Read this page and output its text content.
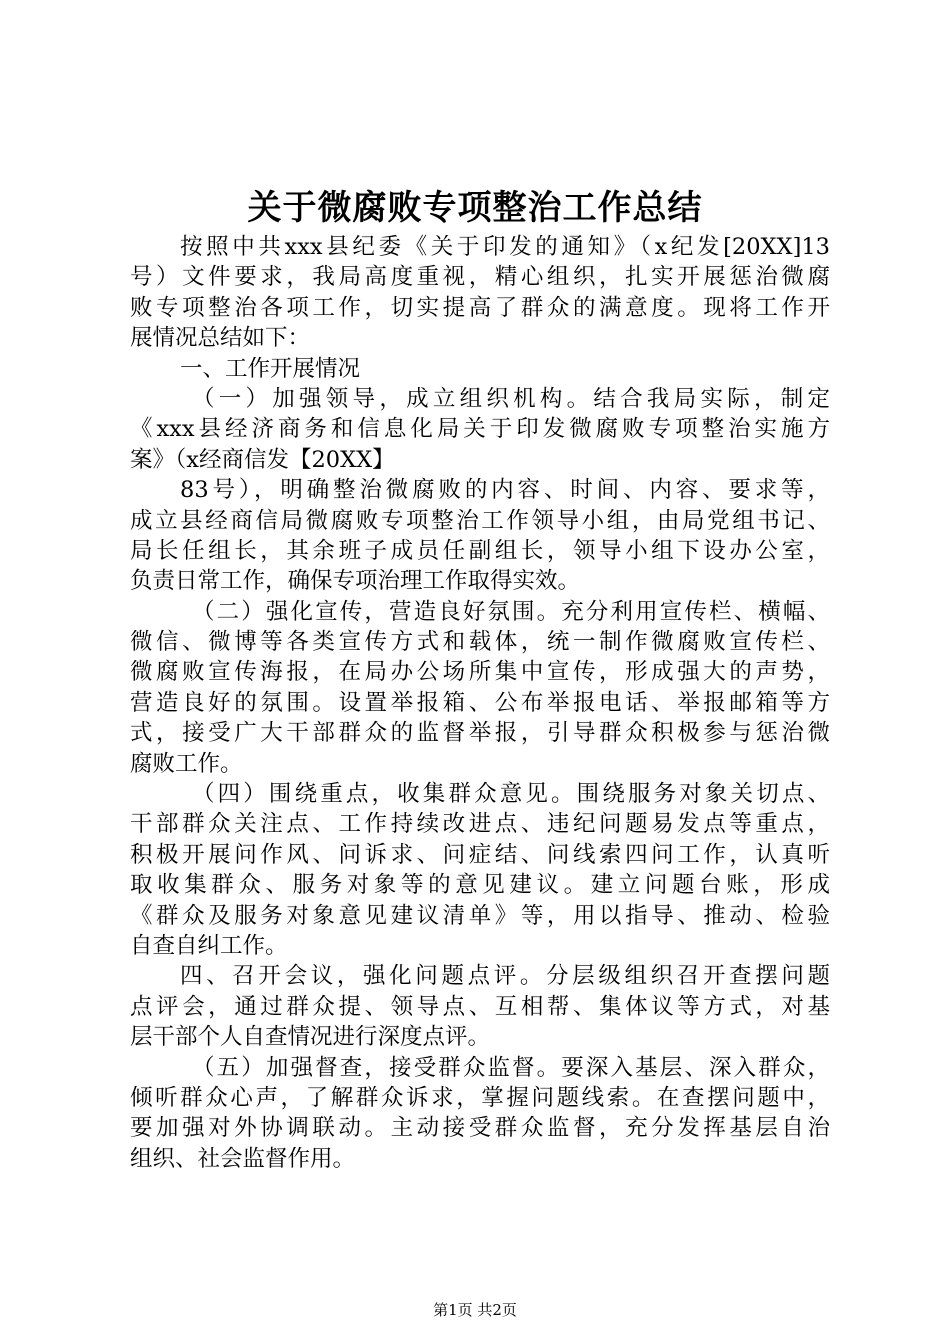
关于微腐败专项整治工作总结
按照中共xxx县纪委《关于印发的通知》（x纪发[20XX]13
号）文件要求，我局高度重视，精心组织，扎实开展惩治微腐
败专项整治各项工作，切实提高了群众的满意度。现将工作开
展情况总结如下：
一、工作开展情况
（一）加强领导，成立组织机构。结合我局实际，制定
《xxx县经济商务和信息化局关于印发微腐败专项整治实施方
案》（x经商信发【20XX】
83号），明确整治微腐败的内容、时间、内容、要求等，
成立县经商信局微腐败专项整治工作领导小组，由局党组书记、
局长任组长，其余班子成员任副组长，领导小组下设办公室，
负责日常工作，确保专项治理工作取得实效。
（二）强化宣传，营造良好氛围。充分利用宣传栏、横幅、
微信、微博等各类宣传方式和载体，统一制作微腐败宣传栏、
微腐败宣传海报，在局办公场所集中宣传，形成强大的声势，
营造良好的氛围。设置举报箱、公布举报电话、举报邮箱等方
式，接受广大干部群众的监督举报，引导群众积极参与惩治微
腐败工作。
（四）围绕重点，收集群众意见。围绕服务对象关切点、
干部群众关注点、工作持续改进点、违纪问题易发点等重点，
积极开展问作风、问诉求、问症结、问线索四问工作，认真听
取收集群众、服务对象等的意见建议。建立问题台账，形成
《群众及服务对象意见建议清单》等，用以指导、推动、检验
自查自纠工作。
四、召开会议，强化问题点评。分层级组织召开查摆问题
点评会，通过群众提、领导点、互相帮、集体议等方式，对基
层干部个人自查情况进行深度点评。
（五）加强督查，接受群众监督。要深入基层、深入群众，
倾听群众心声，了解群众诉求，掌握问题线索。在查摆问题中，
要加强对外协调联动。主动接受群众监督，充分发挥基层自治
组织、社会监督作用。
第1页 共2页
